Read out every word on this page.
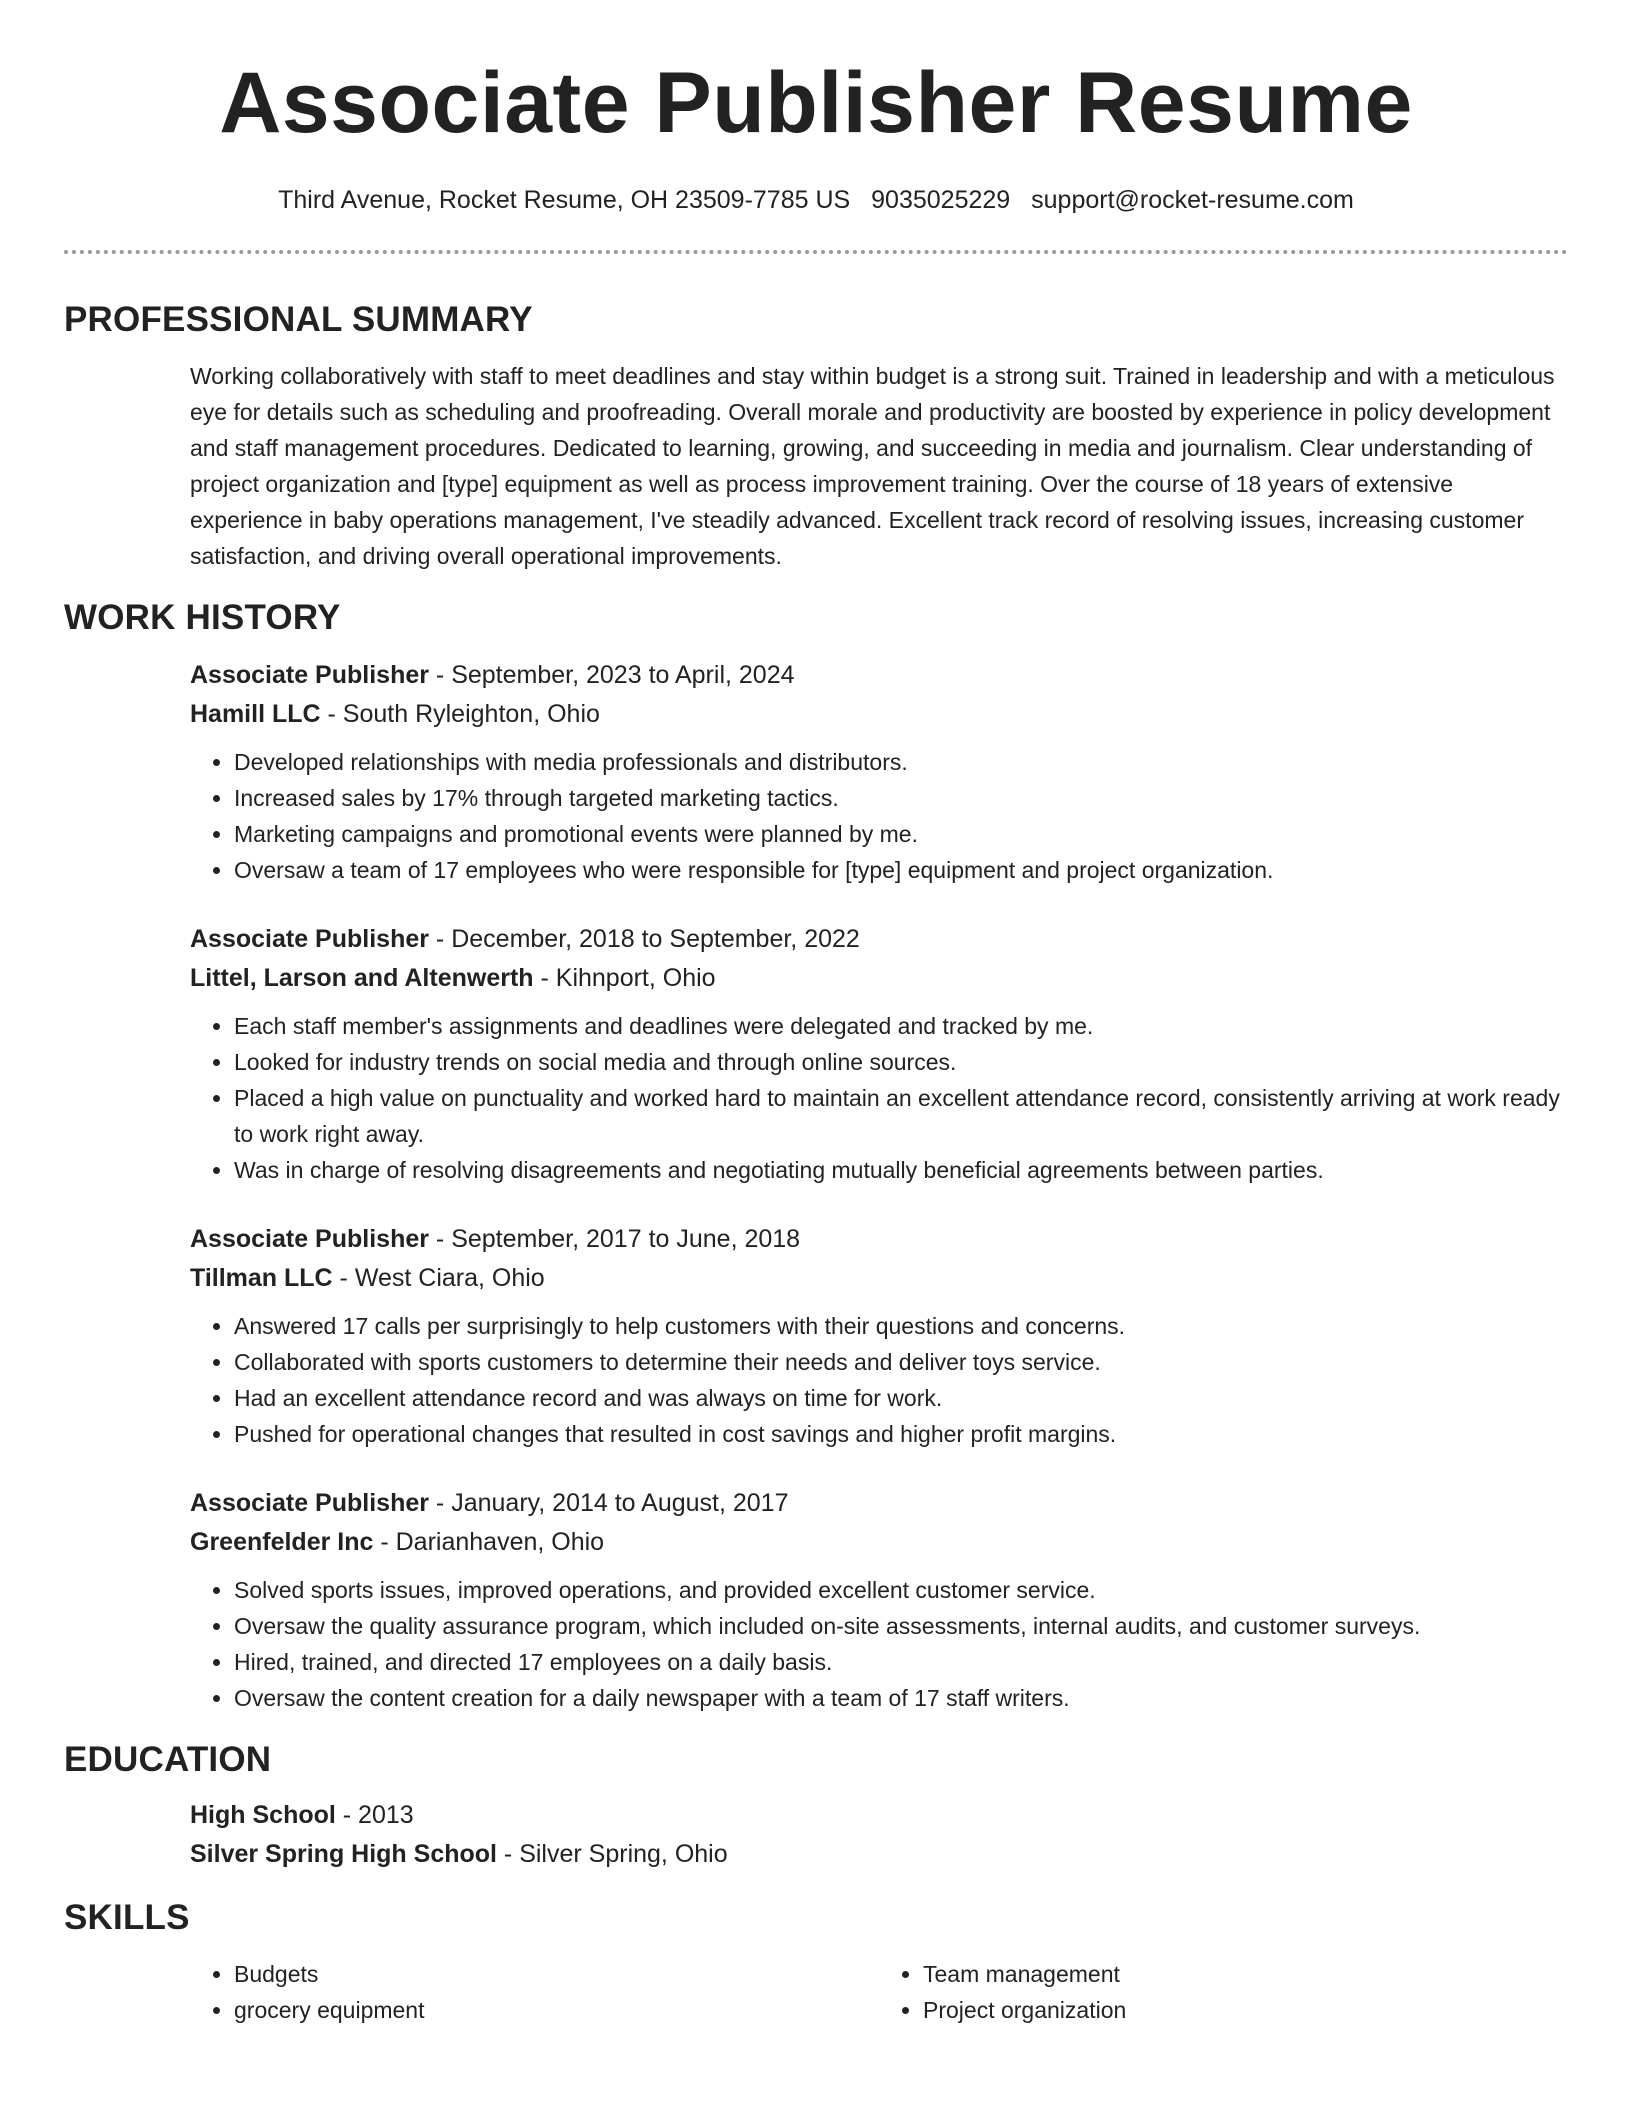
Associate Publisher Resume
Third Avenue, Rocket Resume, OH 23509-7785 US 9035025229 support@rocket-resume.com
PROFESSIONAL SUMMARY

Working collaboratively with staff to meet deadlines and stay within budget is a strong suit. Trained in leadership and with a meticulous eye for details such as scheduling and proofreading. Overall morale and productivity are boosted by experience in policy development and staff management procedures. Dedicated to learning, growing, and succeeding in media and journalism. Clear understanding of project organization and [type] equipment as well as process improvement training. Over the course of 18 years of extensive experience in baby operations management, I've steadily advanced. Excellent track record of resolving issues, increasing customer satisfaction, and driving overall operational improvements.

WORK HISTORY
Associate Publisher - September, 2023 to April, 2024
Hamill LLC - South Ryleighton, Ohio
• Developed relationships with media professionals and distributors.
• Increased sales by 17% through targeted marketing tactics.
• Marketing campaigns and promotional events were planned by me.
• Oversaw a team of 17 employees who were responsible for [type] equipment and project organization.
Associate Publisher - December, 2018 to September, 2022
Littel, Larson and Altenwerth - Kihnport, Ohio
• Each staff member's assignments and deadlines were delegated and tracked by me.
• Looked for industry trends on social media and through online sources.
• Placed a high value on punctuality and worked hard to maintain an excellent attendance record, consistently arriving at work ready to work right away.
• Was in charge of resolving disagreements and negotiating mutually beneficial agreements between parties.
Associate Publisher - September, 2017 to June, 2018
Tillman LLC - West Ciara, Ohio
• Answered 17 calls per surprisingly to help customers with their questions and concerns.
• Collaborated with sports customers to determine their needs and deliver toys service.
• Had an excellent attendance record and was always on time for work.
• Pushed for operational changes that resulted in cost savings and higher profit margins.
Associate Publisher - January, 2014 to August, 2017
Greenfelder Inc - Darianhaven, Ohio
• Solved sports issues, improved operations, and provided excellent customer service.
• Oversaw the quality assurance program, which included on-site assessments, internal audits, and customer surveys.
• Hired, trained, and directed 17 employees on a daily basis.
• Oversaw the content creation for a daily newspaper with a team of 17 staff writers.
EDUCATION
High School - 2013
Silver Spring High School - Silver Spring, Ohio
SKILLS
• Budgets
• grocery equipment
• Team management
• Project organization
